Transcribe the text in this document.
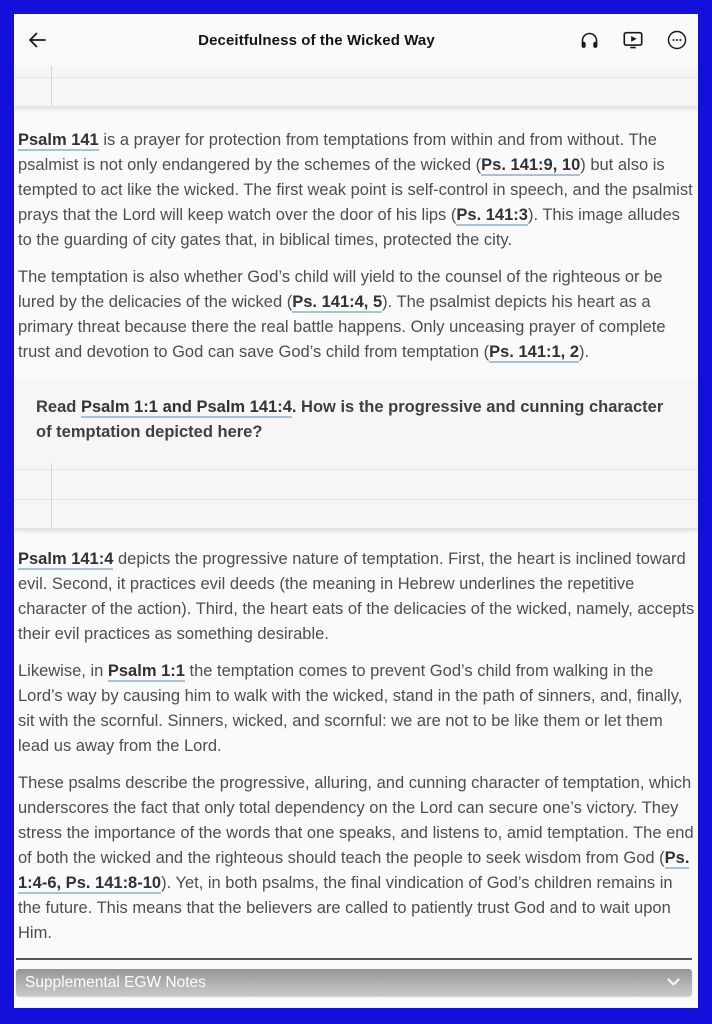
Deceitfulness of the Wicked Way

Psalm 141 is a prayer for protection from temptations from within and from without. The psalmist is not only endangered by the schemes of the wicked (Ps. 141:9, 10) but also is tempted to act like the wicked. The first weak point is self-control in speech, and the psalmist prays that the Lord will keep watch over the door of his lips (Ps. 141:3). This image alludes to the guarding of city gates that, in biblical times, protected the city.

The temptation is also whether God’s child will yield to the counsel of the righteous or be lured by the delicacies of the wicked (Ps. 141:4, 5). The psalmist depicts his heart as a primary threat because there the real battle happens. Only unceasing prayer of complete trust and devotion to God can save God’s child from temptation (Ps. 141:1, 2).

Read Psalm 1:1 and Psalm 141:4. How is the progressive and cunning character of temptation depicted here?

Psalm 141:4 depicts the progressive nature of temptation. First, the heart is inclined toward evil. Second, it practices evil deeds (the meaning in Hebrew underlines the repetitive character of the action). Third, the heart eats of the delicacies of the wicked, namely, accepts their evil practices as something desirable.

Likewise, in Psalm 1:1 the temptation comes to prevent God’s child from walking in the Lord’s way by causing him to walk with the wicked, stand in the path of sinners, and, finally, sit with the scornful. Sinners, wicked, and scornful: we are not to be like them or let them lead us away from the Lord.

These psalms describe the progressive, alluring, and cunning character of temptation, which underscores the fact that only total dependency on the Lord can secure one’s victory. They stress the importance of the words that one speaks, and listens to, amid temptation. The end of both the wicked and the righteous should teach the people to seek wisdom from God (Ps. 1:4-6, Ps. 141:8-10). Yet, in both psalms, the final vindication of God’s children remains in the future. This means that the believers are called to patiently trust God and to wait upon Him.

Supplemental EGW Notes
